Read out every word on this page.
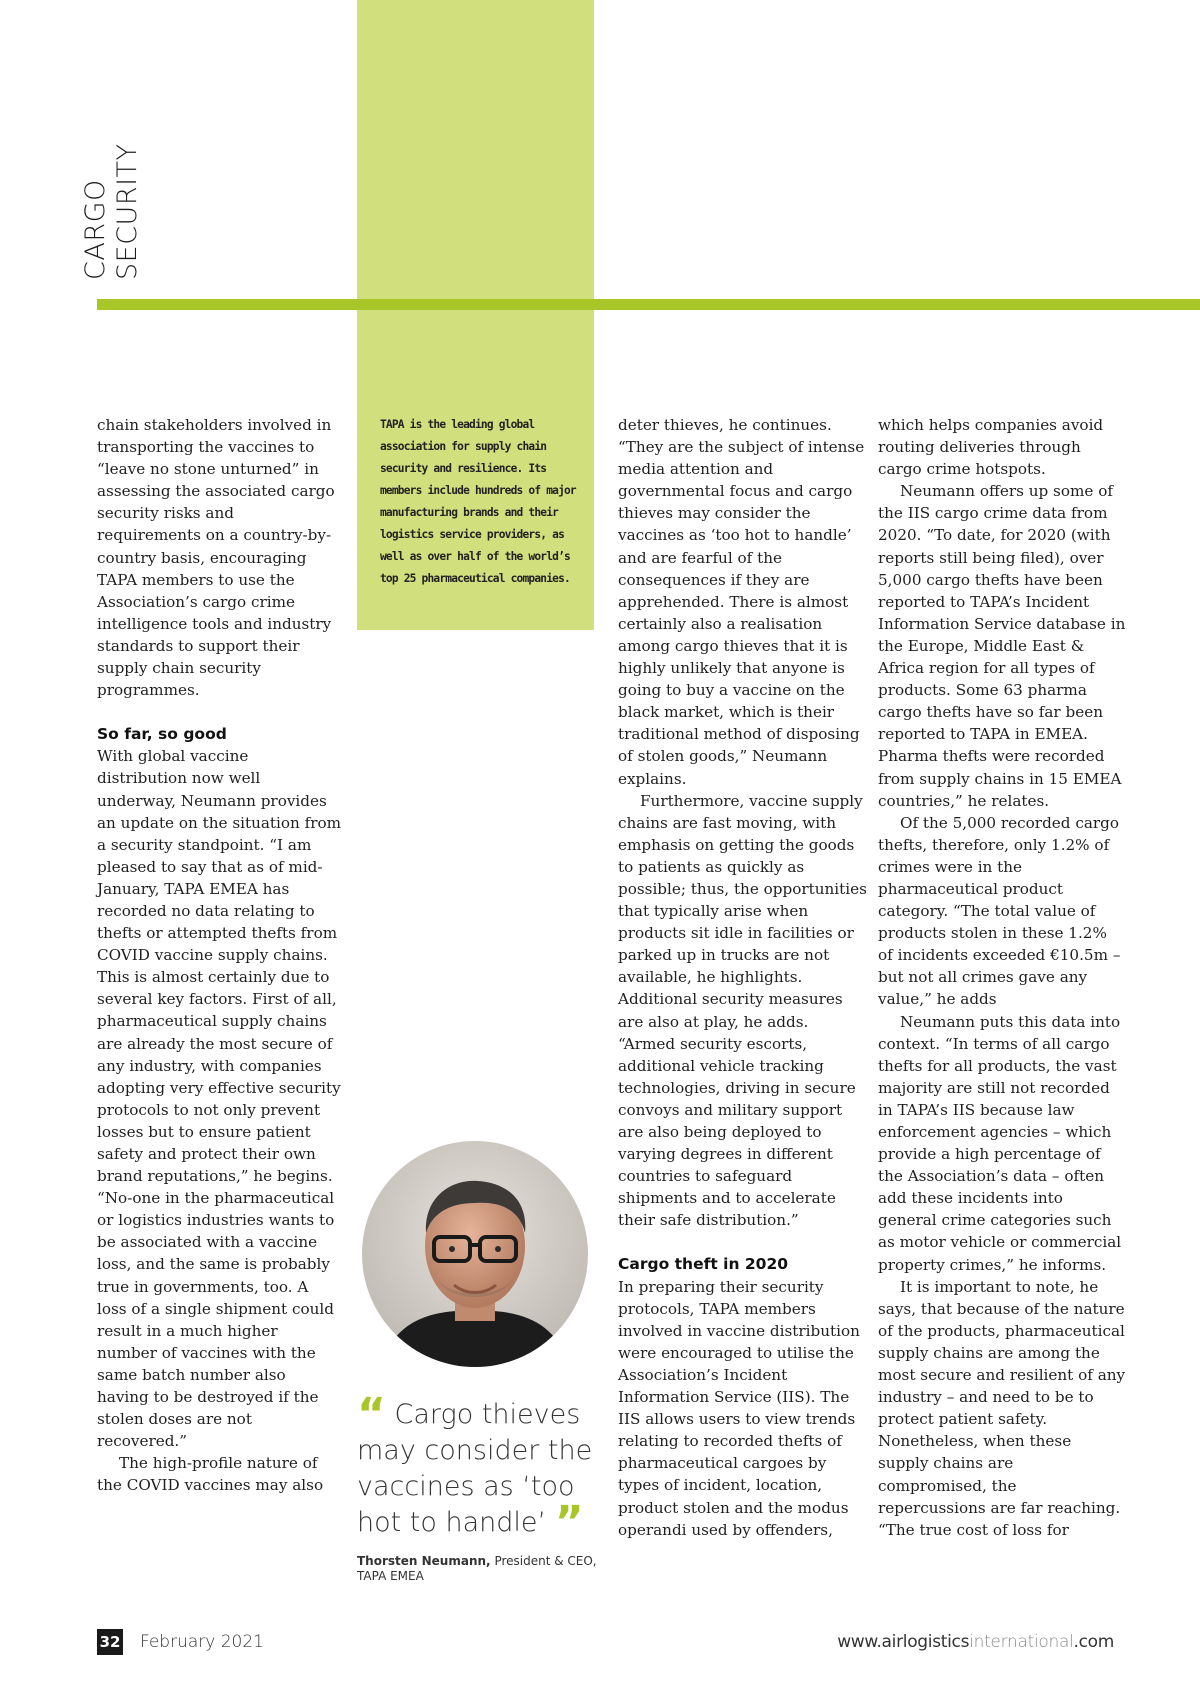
CARGO SECURITY

chain stakeholders involved in transporting the vaccines to “leave no stone unturned” in assessing the associated cargo security risks and requirements on a country-by-country basis, encouraging TAPA members to use the Association’s cargo crime intelligence tools and industry standards to support their supply chain security programmes.

So far, so good

With global vaccine distribution now well underway, Neumann provides an update on the situation from a security standpoint. “I am pleased to say that as of mid-January, TAPA EMEA has recorded no data relating to thefts or attempted thefts from COVID vaccine supply chains. This is almost certainly due to several key factors. First of all, pharmaceutical supply chains are already the most secure of any industry, with companies adopting very effective security protocols to not only prevent losses but to ensure patient safety and protect their own brand reputations,” he begins. “No-one in the pharmaceutical or logistics industries wants to be associated with a vaccine loss, and the same is probably true in governments, too. A loss of a single shipment could result in a much higher number of vaccines with the same batch number also having to be destroyed if the stolen doses are not recovered.”

The high-profile nature of the COVID vaccines may also

TAPA is the leading global association for supply chain security and resilience. Its members include hundreds of major manufacturing brands and their logistics service providers, as well as over half of the world’s top 25 pharmaceutical companies.
“ Cargo thieves may consider the vaccines as ‘too hot to handle’ ”
Thorsten Neumann, President & CEO, TAPA EMEA

deter thieves, he continues. “They are the subject of intense media attention and governmental focus and cargo thieves may consider the vaccines as ‘too hot to handle’ and are fearful of the consequences if they are apprehended. There is almost certainly also a realisation among cargo thieves that it is highly unlikely that anyone is going to buy a vaccine on the black market, which is their traditional method of disposing of stolen goods,” Neumann explains.

Furthermore, vaccine supply chains are fast moving, with emphasis on getting the goods to patients as quickly as possible; thus, the opportunities that typically arise when products sit idle in facilities or parked up in trucks are not available, he highlights. Additional security measures are also at play, he adds. “Armed security escorts, additional vehicle tracking technologies, driving in secure convoys and military support are also being deployed to varying degrees in different countries to safeguard shipments and to accelerate their safe distribution.”

Cargo theft in 2020

In preparing their security protocols, TAPA members involved in vaccine distribution were encouraged to utilise the Association’s Incident Information Service (IIS). The IIS allows users to view trends relating to recorded thefts of pharmaceutical cargoes by types of incident, location, product stolen and the modus operandi used by offenders,

which helps companies avoid routing deliveries through cargo crime hotspots.

Neumann offers up some of the IIS cargo crime data from 2020. “To date, for 2020 (with reports still being filed), over 5,000 cargo thefts have been reported to TAPA’s Incident Information Service database in the Europe, Middle East & Africa region for all types of products. Some 63 pharma cargo thefts have so far been reported to TAPA in EMEA. Pharma thefts were recorded from supply chains in 15 EMEA countries,” he relates.

Of the 5,000 recorded cargo thefts, therefore, only 1.2% of crimes were in the pharmaceutical product category. “The total value of products stolen in these 1.2% of incidents exceeded €10.5m – but not all crimes gave any value,” he adds

Neumann puts this data into context. “In terms of all cargo thefts for all products, the vast majority are still not recorded in TAPA’s IIS because law enforcement agencies – which provide a high percentage of the Association’s data – often add these incidents into general crime categories such as motor vehicle or commercial property crimes,” he informs.

It is important to note, he says, that because of the nature of the products, pharmaceutical supply chains are among the most secure and resilient of any industry – and need to be to protect patient safety. Nonetheless, when these supply chains are compromised, the repercussions are far reaching. “The true cost of loss for

32 February 2021	www.airlogisticsinternational.com
